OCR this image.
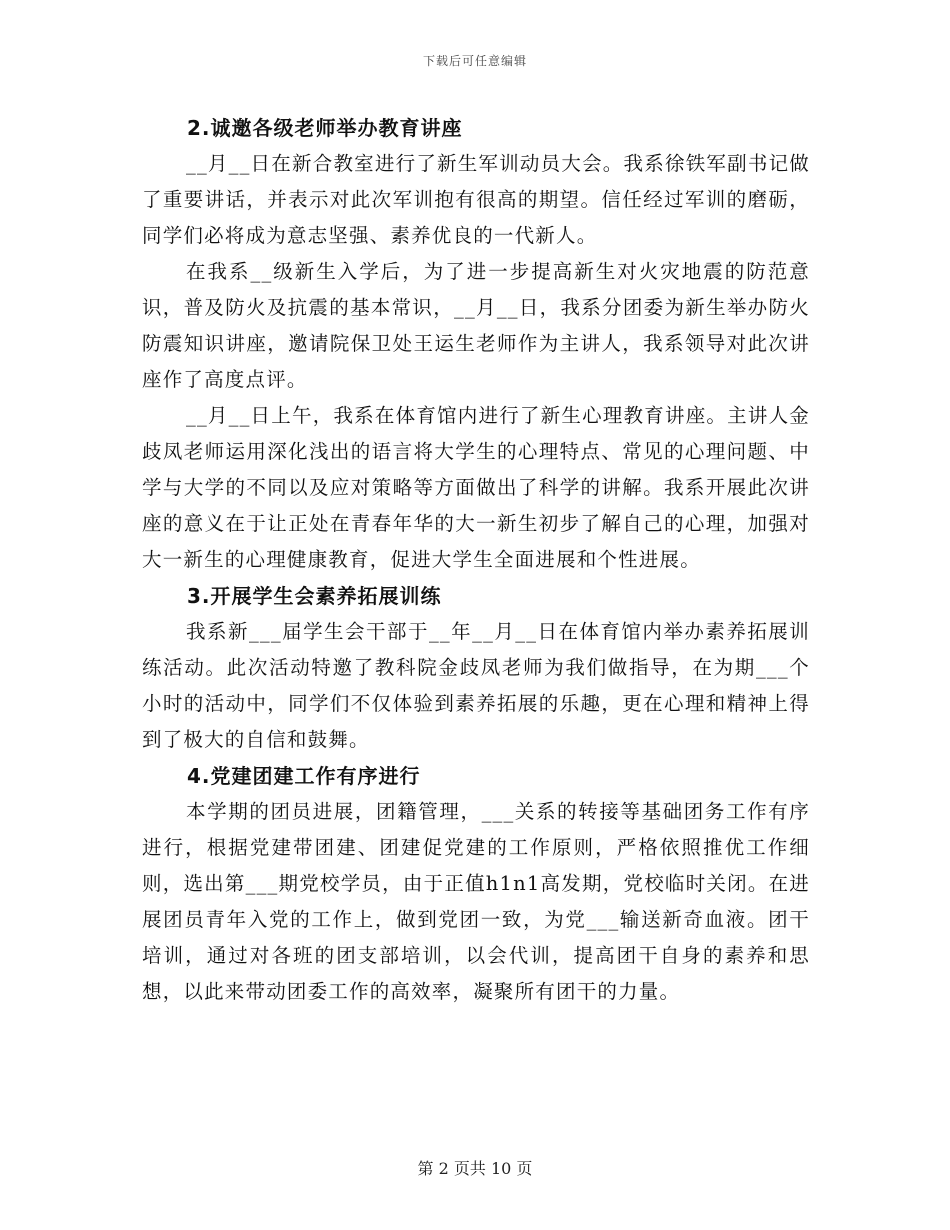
下载后可任意编辑
2.诚邀各级老师举办教育讲座

__月__日在新合教室进行了新生军训动员大会。我系徐铁军副书记做了重要讲话，并表示对此次军训抱有很高的期望。信任经过军训的磨砺，同学们必将成为意志坚强、素养优良的一代新人。

在我系__级新生入学后，为了进一步提高新生对火灾地震的防范意识，普及防火及抗震的基本常识，__月__日，我系分团委为新生举办防火防震知识讲座，邀请院保卫处王运生老师作为主讲人，我系领导对此次讲座作了高度点评。

__月__日上午，我系在体育馆内进行了新生心理教育讲座。主讲人金歧凤老师运用深化浅出的语言将大学生的心理特点、常见的心理问题、中学与大学的不同以及应对策略等方面做出了科学的讲解。我系开展此次讲座的意义在于让正处在青春年华的大一新生初步了解自己的心理，加强对大一新生的心理健康教育，促进大学生全面进展和个性进展。

3.开展学生会素养拓展训练

我系新___届学生会干部于__年__月__日在体育馆内举办素养拓展训练活动。此次活动特邀了教科院金歧凤老师为我们做指导，在为期___个小时的活动中，同学们不仅体验到素养拓展的乐趣，更在心理和精神上得到了极大的自信和鼓舞。

4.党建团建工作有序进行

本学期的团员进展，团籍管理，___关系的转接等基础团务工作有序进行，根据党建带团建、团建促党建的工作原则，严格依照推优工作细则，选出第___期党校学员，由于正值h1n1高发期，党校临时关闭。在进展团员青年入党的工作上，做到党团一致，为党___输送新奇血液。团干培训，通过对各班的团支部培训，以会代训，提高团干自身的素养和思想，以此来带动团委工作的高效率，凝聚所有团干的力量。

第 2 页共 10 页
